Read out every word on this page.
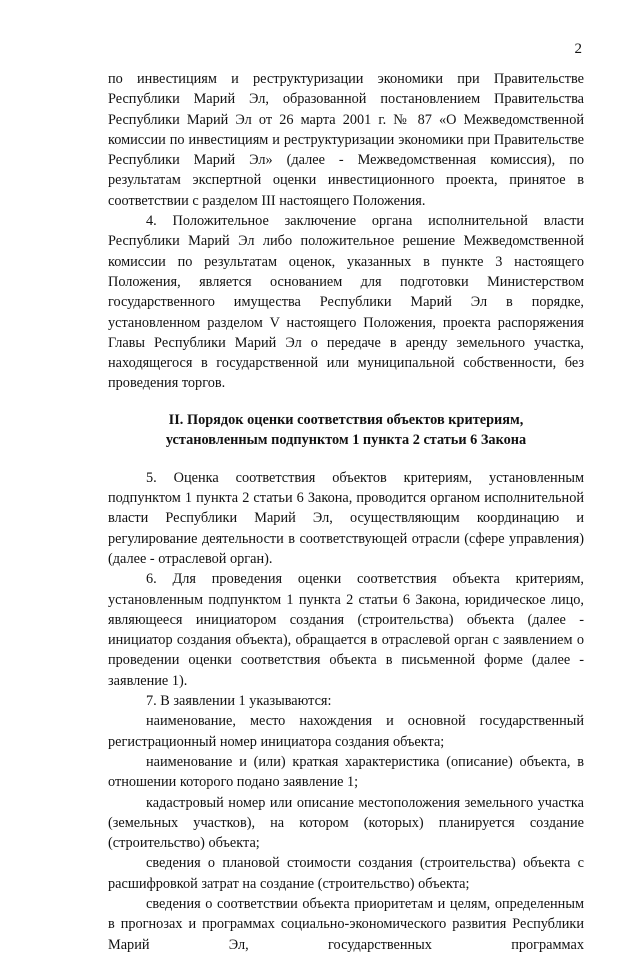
2

по инвестициям и реструктуризации экономики при Правительстве Республики Марий Эл, образованной постановлением Правительства Республики Марий Эл от 26 марта 2001 г. № 87 «О Межведомственной комиссии по инвестициям и реструктуризации экономики при Правительстве Республики Марий Эл» (далее - Межведомственная комиссия), по результатам экспертной оценки инвестиционного проекта, принятое в соответствии с разделом III настоящего Положения.

4. Положительное заключение органа исполнительной власти Республики Марий Эл либо положительное решение Межведомственной комиссии по результатам оценок, указанных в пункте 3 настоящего Положения, является основанием для подготовки Министерством государственного имущества Республики Марий Эл в порядке, установленном разделом V настоящего Положения, проекта распоряжения Главы Республики Марий Эл о передаче в аренду земельного участка, находящегося в государственной или муниципальной собственности, без проведения торгов.

II. Порядок оценки соответствия объектов критериям,
установленным подпунктом 1 пункта 2 статьи 6 Закона

5. Оценка соответствия объектов критериям, установленным подпунктом 1 пункта 2 статьи 6 Закона, проводится органом исполнительной власти Республики Марий Эл, осуществляющим координацию и регулирование деятельности в соответствующей отрасли (сфере управления) (далее - отраслевой орган).

6. Для проведения оценки соответствия объекта критериям, установленным подпунктом 1 пункта 2 статьи 6 Закона, юридическое лицо, являющееся инициатором создания (строительства) объекта (далее - инициатор создания объекта), обращается в отраслевой орган с заявлением о проведении оценки соответствия объекта в письменной форме (далее - заявление 1).

7. В заявлении 1 указываются:

наименование, место нахождения и основной государственный регистрационный номер инициатора создания объекта;

наименование и (или) краткая характеристика (описание) объекта, в отношении которого подано заявление 1;

кадастровый номер или описание местоположения земельного участка (земельных участков), на котором (которых) планируется создание (строительство) объекта;

сведения о плановой стоимости создания (строительства) объекта с расшифровкой затрат на создание (строительство) объекта;

сведения о соответствии объекта приоритетам и целям, определенным в прогнозах и программах социально-экономического развития Республики Марий Эл, государственных программах
